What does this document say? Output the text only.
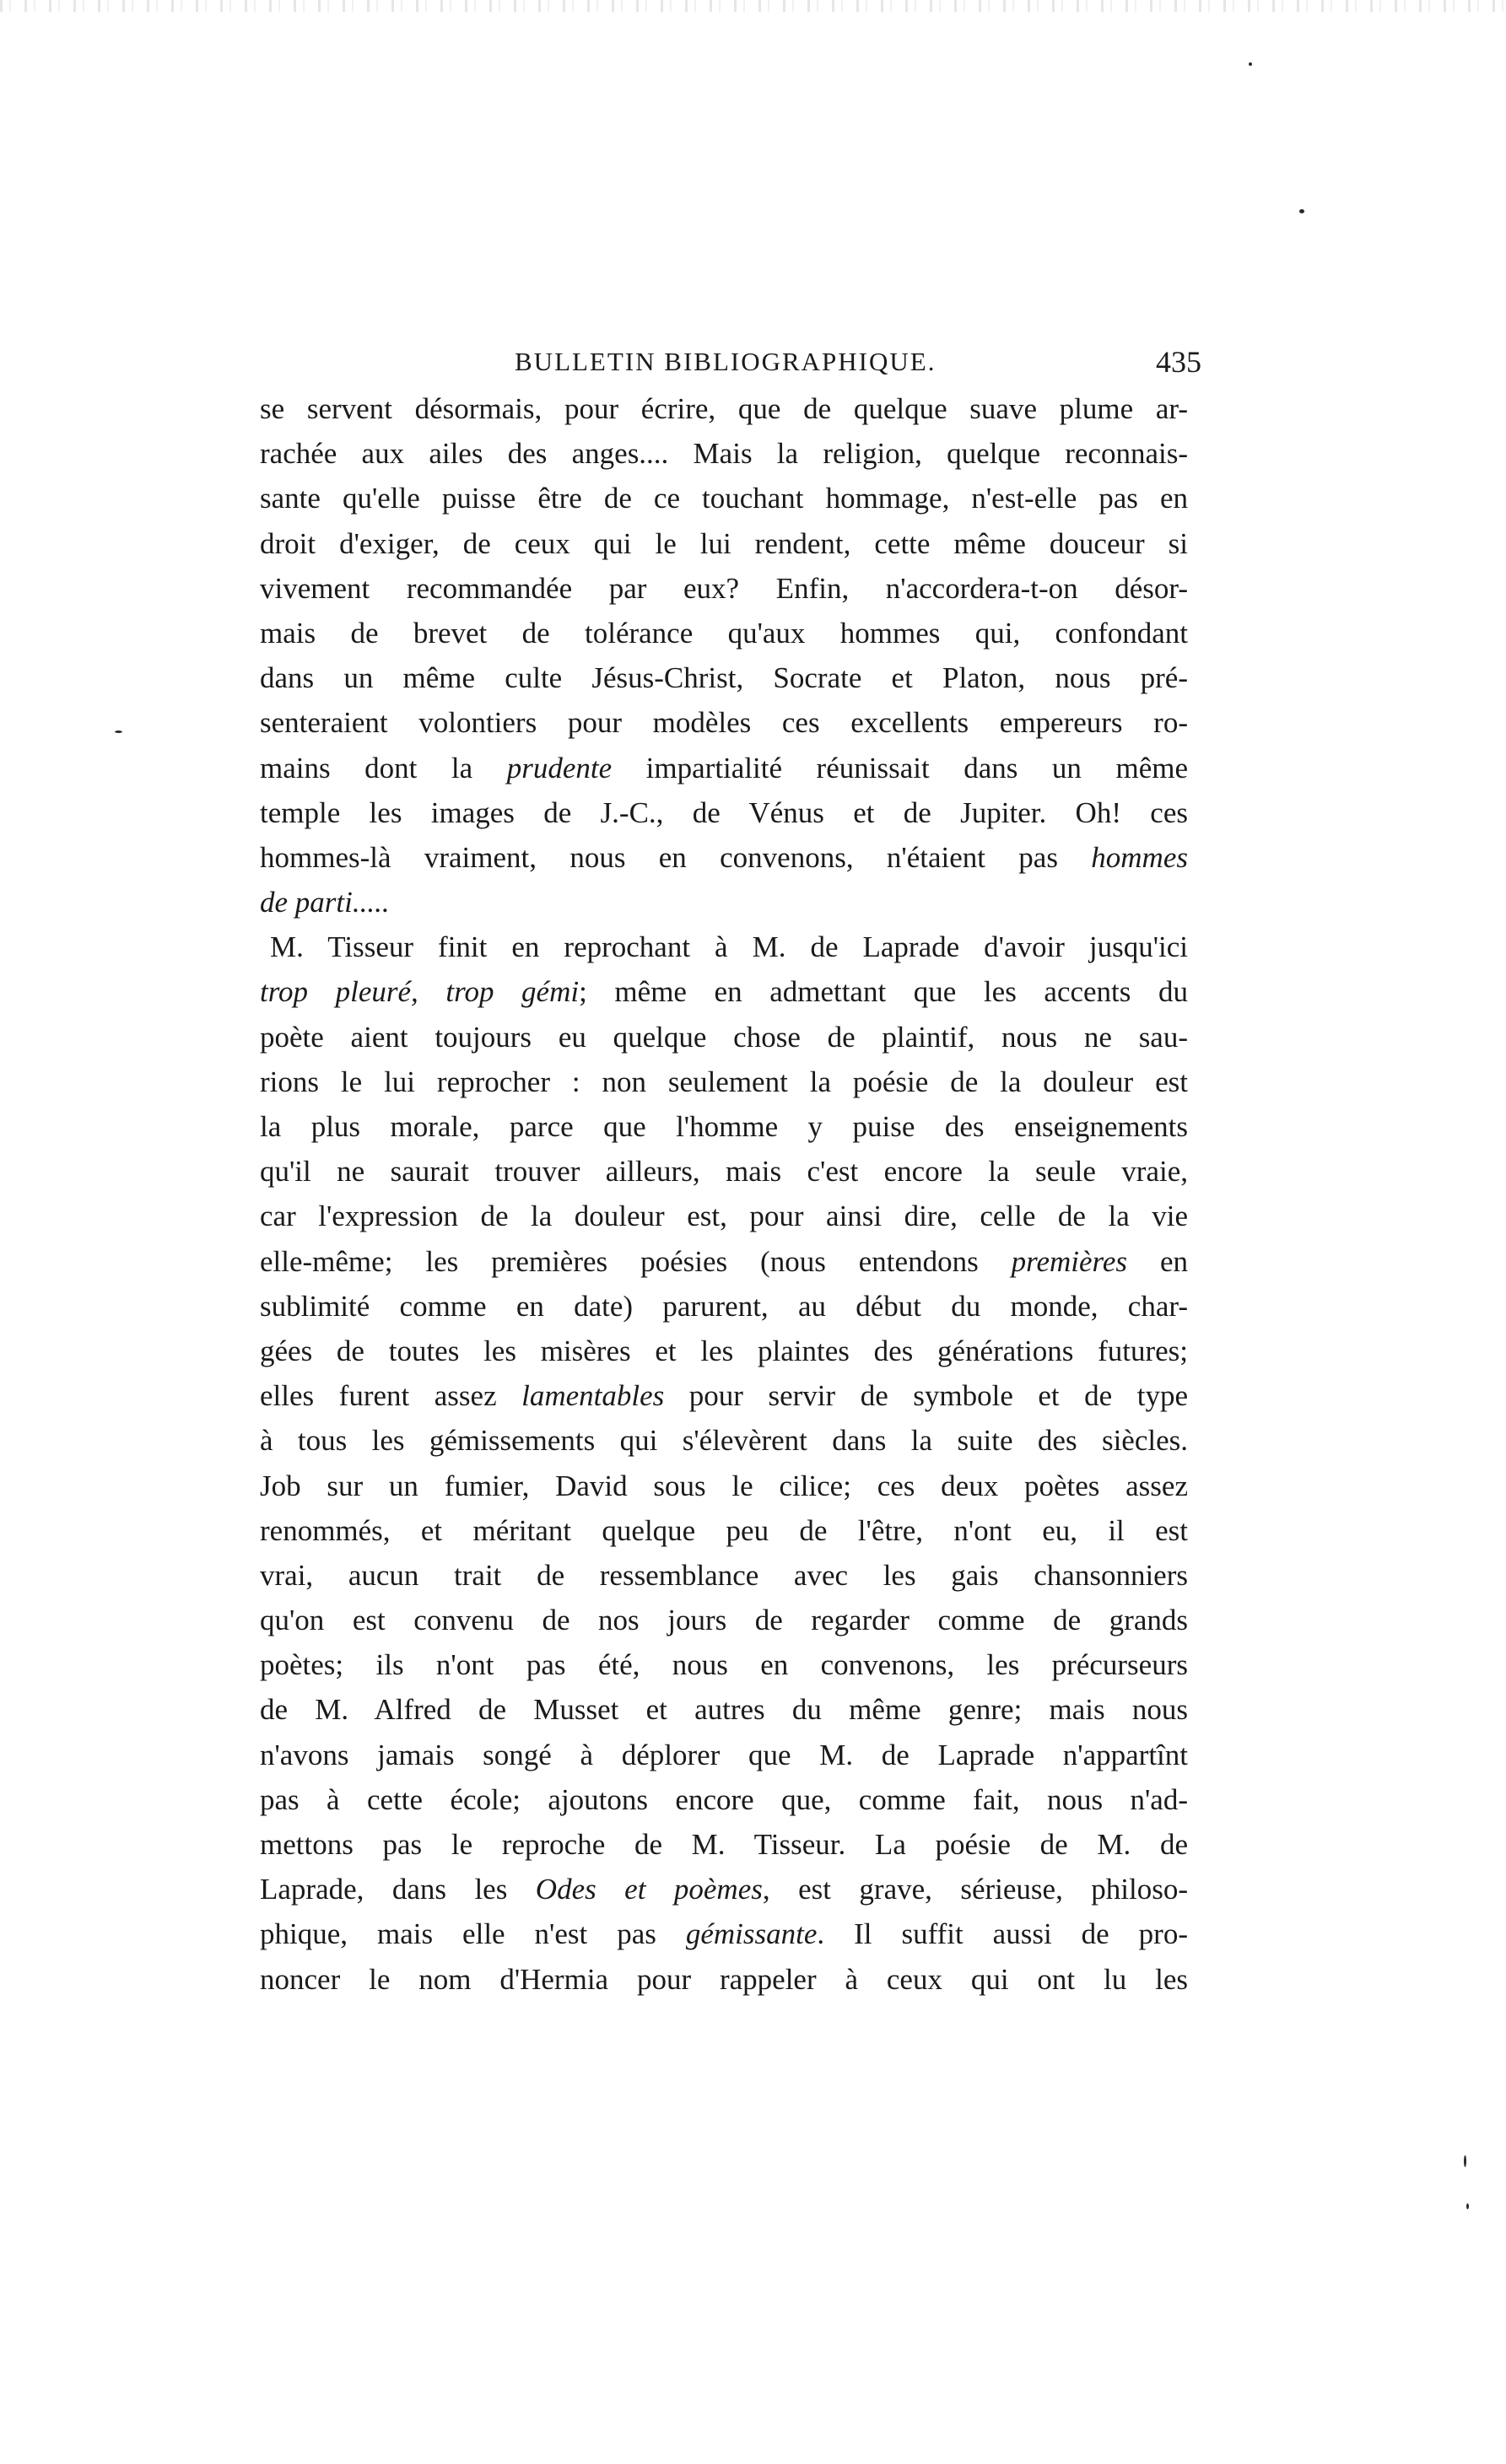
BULLETIN BIBLIOGRAPHIQUE.	435
se servent désormais, pour écrire, que de quelque suave plume ar-
rachée aux ailes des anges.... Mais la religion, quelque reconnais-
sante qu'elle puisse être de ce touchant hommage, n'est-elle pas en
droit d'exiger, de ceux qui le lui rendent, cette même douceur si
vivement recommandée par eux? Enfin, n'accordera-t-on désor-
mais de brevet de tolérance qu'aux hommes qui, confondant
dans un même culte Jésus-Christ, Socrate et Platon, nous pré-
senteraient volontiers pour modèles ces excellents empereurs ro-
mains dont la prudente impartialité réunissait dans un même
temple les images de J.-C., de Vénus et de Jupiter. Oh! ces
hommes-là vraiment, nous en convenons, n'étaient pas hommes
de parti.....
M. Tisseur finit en reprochant à M. de Laprade d'avoir jusqu'ici
trop pleuré, trop gémi; même en admettant que les accents du
poète aient toujours eu quelque chose de plaintif, nous ne sau-
rions le lui reprocher : non seulement la poésie de la douleur est
la plus morale, parce que l'homme y puise des enseignements
qu'il ne saurait trouver ailleurs, mais c'est encore la seule vraie,
car l'expression de la douleur est, pour ainsi dire, celle de la vie
elle-même; les premières poésies (nous entendons premières en
sublimité comme en date) parurent, au début du monde, char-
gées de toutes les misères et les plaintes des générations futures;
elles furent assez lamentables pour servir de symbole et de type
à tous les gémissements qui s'élevèrent dans la suite des siècles.
Job sur un fumier, David sous le cilice; ces deux poètes assez
renommés, et méritant quelque peu de l'être, n'ont eu, il est
vrai, aucun trait de ressemblance avec les gais chansonniers
qu'on est convenu de nos jours de regarder comme de grands
poètes; ils n'ont pas été, nous en convenons, les précurseurs
de M. Alfred de Musset et autres du même genre; mais nous
n'avons jamais songé à déplorer que M. de Laprade n'appartînt
pas à cette école; ajoutons encore que, comme fait, nous n'ad-
mettons pas le reproche de M. Tisseur. La poésie de M. de
Laprade, dans les Odes et poèmes, est grave, sérieuse, philoso-
phique, mais elle n'est pas gémissante. Il suffit aussi de pro-
noncer le nom d'Hermia pour rappeler à ceux qui ont lu les
